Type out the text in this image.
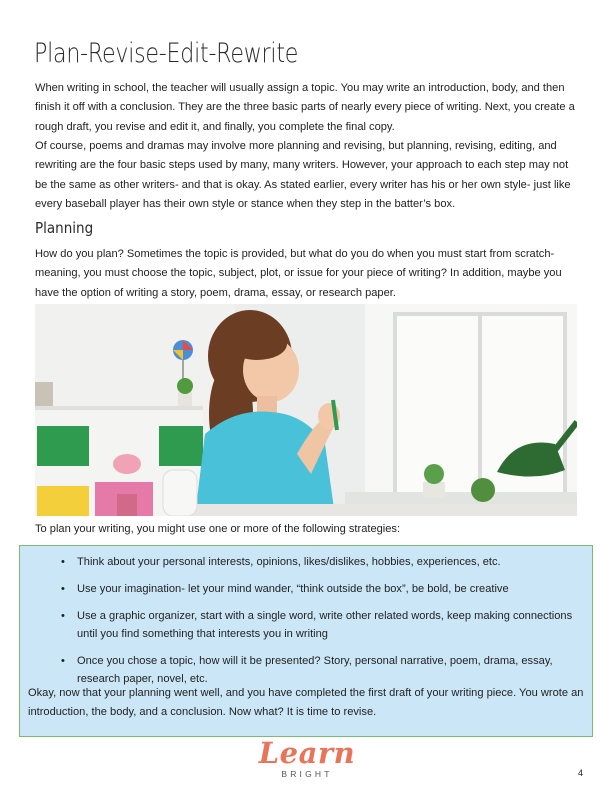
Plan-Revise-Edit-Rewrite

When writing in school, the teacher will usually assign a topic. You may write an introduction, body, and then finish it off with a conclusion. They are the three basic parts of nearly every piece of writing. Next, you create a rough draft, you revise and edit it, and finally, you complete the final copy.

Of course, poems and dramas may involve more planning and revising, but planning, revising, editing, and rewriting are the four basic steps used by many, many writers. However, your approach to each step may not be the same as other writers- and that is okay. As stated earlier, every writer has his or her own style- just like every baseball player has their own style or stance when they step in the batter’s box.

Planning

How do you plan? Sometimes the topic is provided, but what do you do when you must start from scratch- meaning, you must choose the topic, subject, plot, or issue for your piece of writing? In addition, maybe you have the option of writing a story, poem, drama, essay, or research paper.

To plan your writing, you might use one or more of the following strategies:

• Think about your personal interests, opinions, likes/dislikes, hobbies, experiences, etc.
• Use your imagination- let your mind wander, “think outside the box”, be bold, be creative
• Use a graphic organizer, start with a single word, write other related words, keep making connections until you find something that interests you in writing
• Once you chose a topic, how will it be presented? Story, personal narrative, poem, drama, essay, research paper, novel, etc.

Okay, now that your planning went well, and you have completed the first draft of your writing piece. You wrote an introduction, the body, and a conclusion. Now what? It is time to revise.

Learn
BRIGHT	4
